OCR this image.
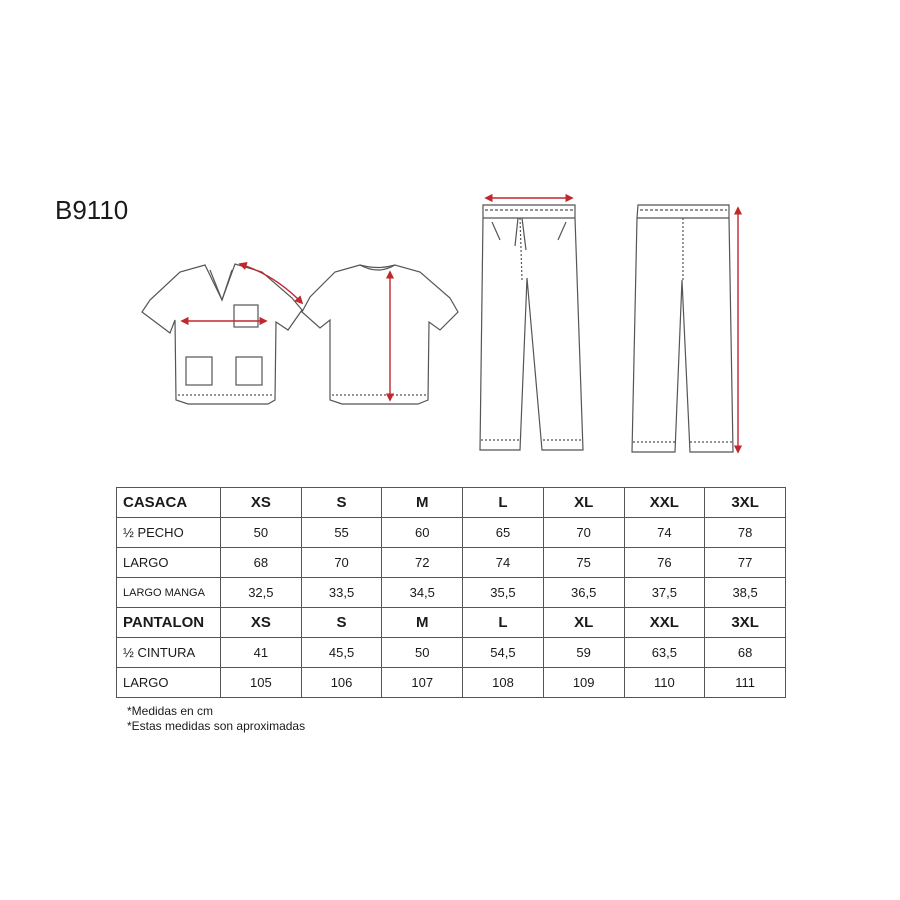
B9110
CASACA	XS	S	M	L	XL	XXL	3XL
½ PECHO	50	55	60	65	70	74	78
LARGO	68	70	72	74	75	76	77
LARGO MANGA	32,5	33,5	34,5	35,5	36,5	37,5	38,5
PANTALON	XS	S	M	L	XL	XXL	3XL
½ CINTURA	41	45,5	50	54,5	59	63,5	68
LARGO	105	106	107	108	109	110	111
*Medidas en cm
*Estas medidas son aproximadas
